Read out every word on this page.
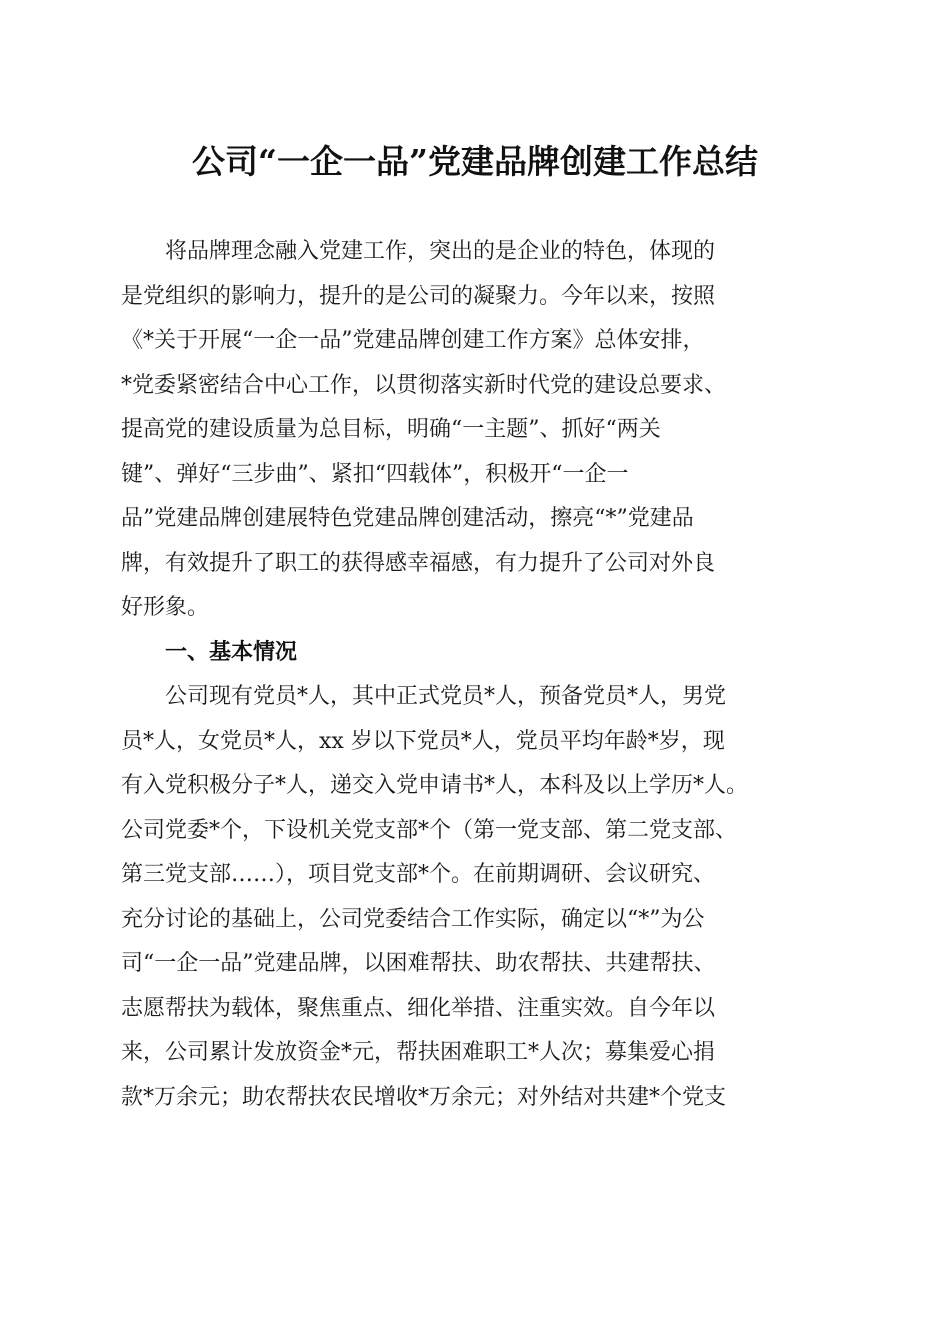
公司“一企一品”党建品牌创建工作总结
　　将品牌理念融入党建工作，突出的是企业的特色，体现的
是党组织的影响力，提升的是公司的凝聚力。今年以来，按照
《*关于开展“一企一品”党建品牌创建工作方案》总体安排，
*党委紧密结合中心工作，以贯彻落实新时代党的建设总要求、
提高党的建设质量为总目标，明确“一主题”、抓好“两关
键”、弹好“三步曲”、紧扣“四载体”，积极开“一企一
品”党建品牌创建展特色党建品牌创建活动，擦亮“*”党建品
牌，有效提升了职工的获得感幸福感，有力提升了公司对外良
好形象。
　　一、基本情况
　　公司现有党员*人，其中正式党员*人，预备党员*人，男党
员*人，女党员*人，xx 岁以下党员*人，党员平均年龄*岁，现
有入党积极分子*人，递交入党申请书*人，本科及以上学历*人。
公司党委*个，下设机关党支部*个（第一党支部、第二党支部、
第三党支部……），项目党支部*个。在前期调研、会议研究、
充分讨论的基础上，公司党委结合工作实际，确定以“*”为公
司“一企一品”党建品牌，以困难帮扶、助农帮扶、共建帮扶、
志愿帮扶为载体，聚焦重点、细化举措、注重实效。自今年以
来，公司累计发放资金*元，帮扶困难职工*人次；募集爱心捐
款*万余元；助农帮扶农民增收*万余元；对外结对共建*个党支
